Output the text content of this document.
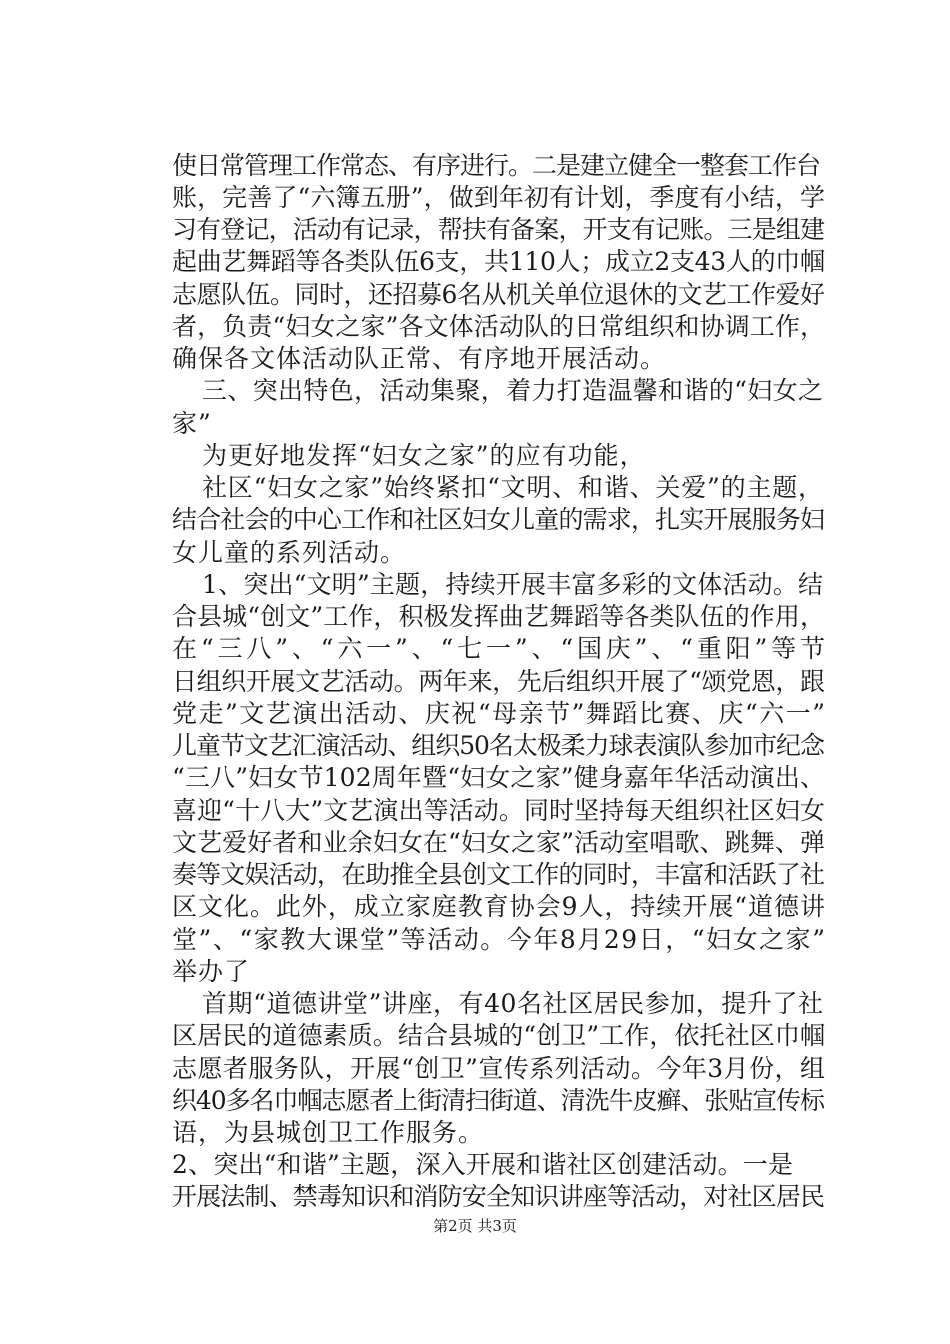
使日常管理工作常态、有序进行。二是建立健全一整套工作台
账，完善了“六簿五册”，做到年初有计划，季度有小结，学
习有登记，活动有记录，帮扶有备案，开支有记账。三是组建
起曲艺舞蹈等各类队伍6支，共110人；成立2支43人的巾帼
志愿队伍。同时，还招募6名从机关单位退休的文艺工作爱好
者，负责“妇女之家”各文体活动队的日常组织和协调工作，
确保各文体活动队正常、有序地开展活动。
三、突出特色，活动集聚，着力打造温馨和谐的“妇女之
家”
为更好地发挥“妇女之家”的应有功能，
社区“妇女之家”始终紧扣“文明、和谐、关爱”的主题，
结合社会的中心工作和社区妇女儿童的需求，扎实开展服务妇
女儿童的系列活动。
1、突出“文明”主题，持续开展丰富多彩的文体活动。结
合县城“创文”工作，积极发挥曲艺舞蹈等各类队伍的作用，
在“三八”、“六一”、“七一”、“国庆”、“重阳”等节
日组织开展文艺活动。两年来，先后组织开展了“颂党恩，跟
党走”文艺演出活动、庆祝“母亲节”舞蹈比赛、庆“六一”
儿童节文艺汇演活动、组织50名太极柔力球表演队参加市纪念
“三八”妇女节102周年暨“妇女之家”健身嘉年华活动演出、
喜迎“十八大”文艺演出等活动。同时坚持每天组织社区妇女
文艺爱好者和业余妇女在“妇女之家”活动室唱歌、跳舞、弹
奏等文娱活动，在助推全县创文工作的同时，丰富和活跃了社
区文化。此外，成立家庭教育协会9人，持续开展“道德讲
堂”、“家教大课堂”等活动。今年8月29日，“妇女之家”
举办了
首期“道德讲堂”讲座，有40名社区居民参加，提升了社
区居民的道德素质。结合县城的“创卫”工作，依托社区巾帼
志愿者服务队，开展“创卫”宣传系列活动。今年3月份，组
织40多名巾帼志愿者上街清扫街道、清洗牛皮癣、张贴宣传标
语，为县城创卫工作服务。
2、突出“和谐”主题，深入开展和谐社区创建活动。一是
开展法制、禁毒知识和消防安全知识讲座等活动，对社区居民
第2页 共3页
